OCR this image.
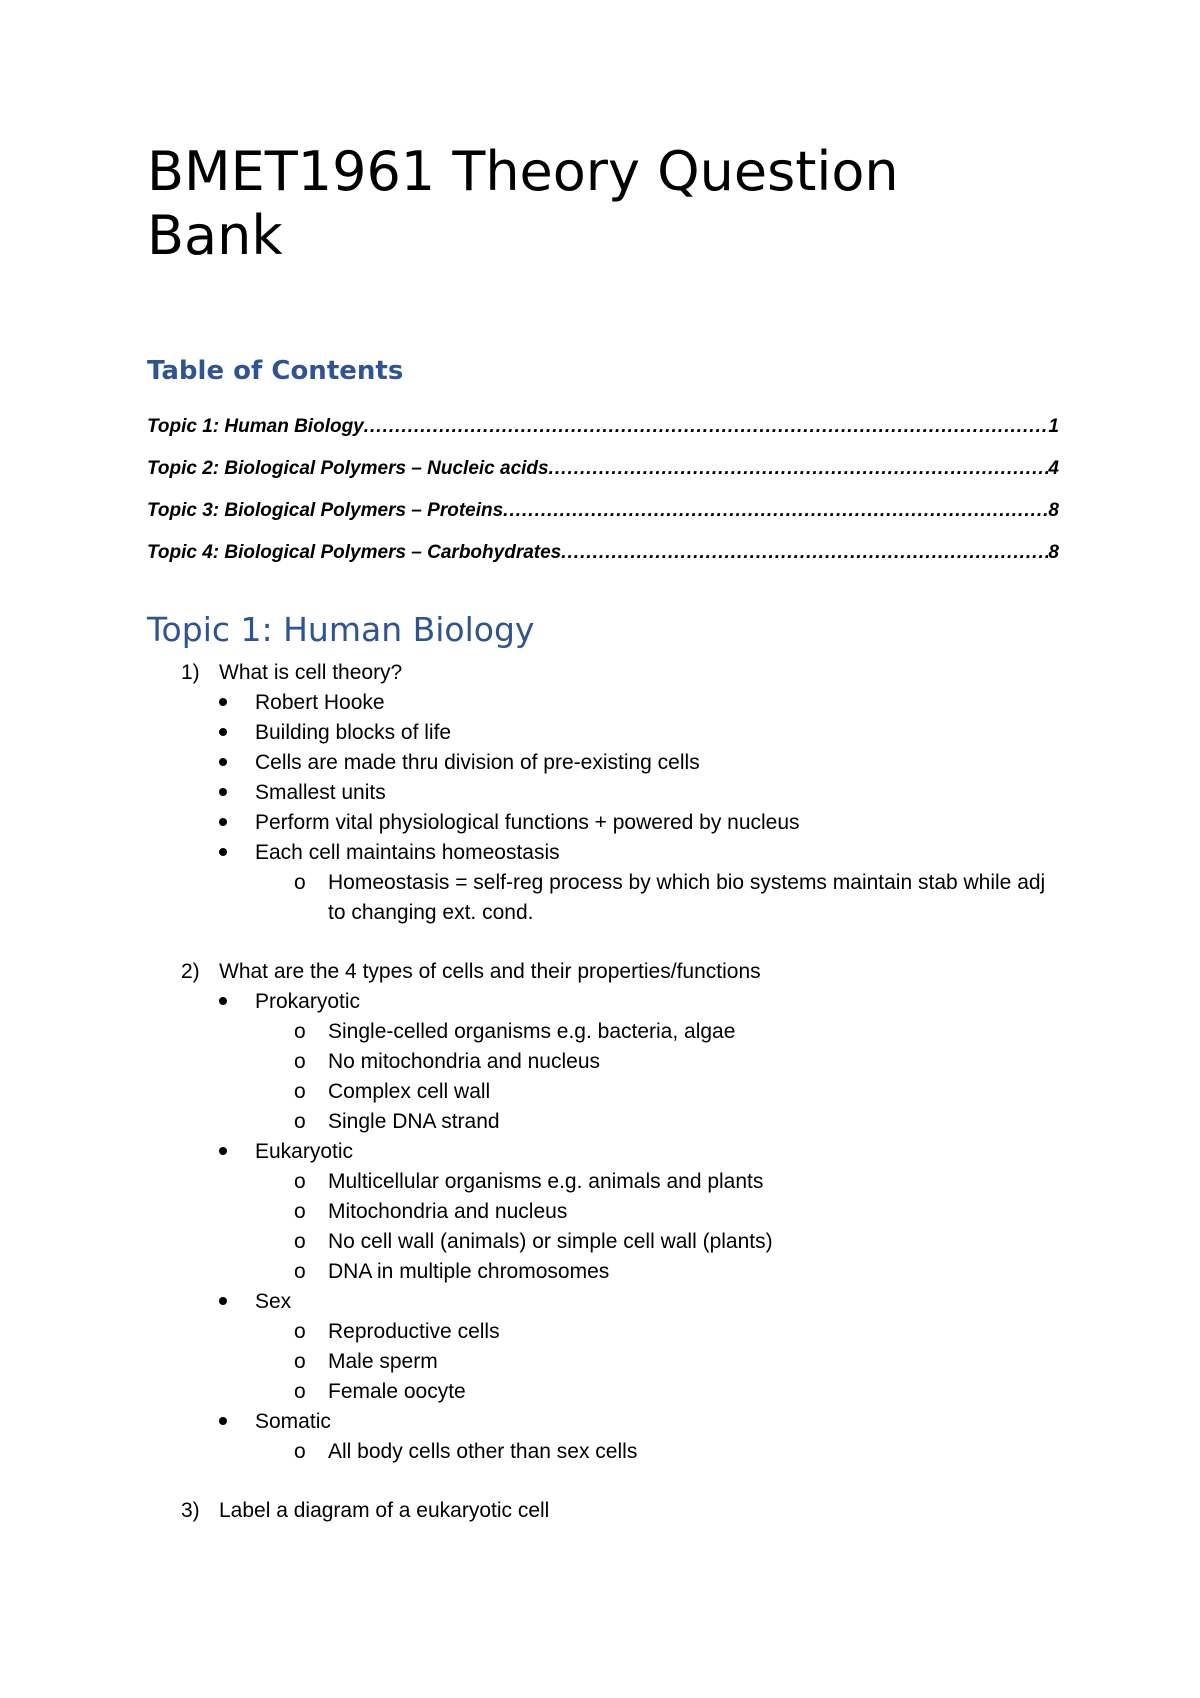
BMET1961 Theory Question Bank
Table of Contents
Topic 1: Human Biology .....	1
Topic 2: Biological Polymers – Nucleic acids .....	4
Topic 3: Biological Polymers – Proteins .....	8
Topic 4: Biological Polymers – Carbohydrates .....	8
Topic 1: Human Biology
1) What is cell theory?
Robert Hooke
Building blocks of life
Cells are made thru division of pre-existing cells
Smallest units
Perform vital physiological functions + powered by nucleus
Each cell maintains homeostasis
o	Homeostasis = self-reg process by which bio systems maintain stab while adj to changing ext. cond.
2) What are the 4 types of cells and their properties/functions
Prokaryotic
o	Single-celled organisms e.g. bacteria, algae
o	No mitochondria and nucleus
o	Complex cell wall
o	Single DNA strand
Eukaryotic
o	Multicellular organisms e.g. animals and plants
o	Mitochondria and nucleus
o	No cell wall (animals) or simple cell wall (plants)
o	DNA in multiple chromosomes
Sex
o	Reproductive cells
o	Male sperm
o	Female oocyte
Somatic
o	All body cells other than sex cells
3) Label a diagram of a eukaryotic cell
